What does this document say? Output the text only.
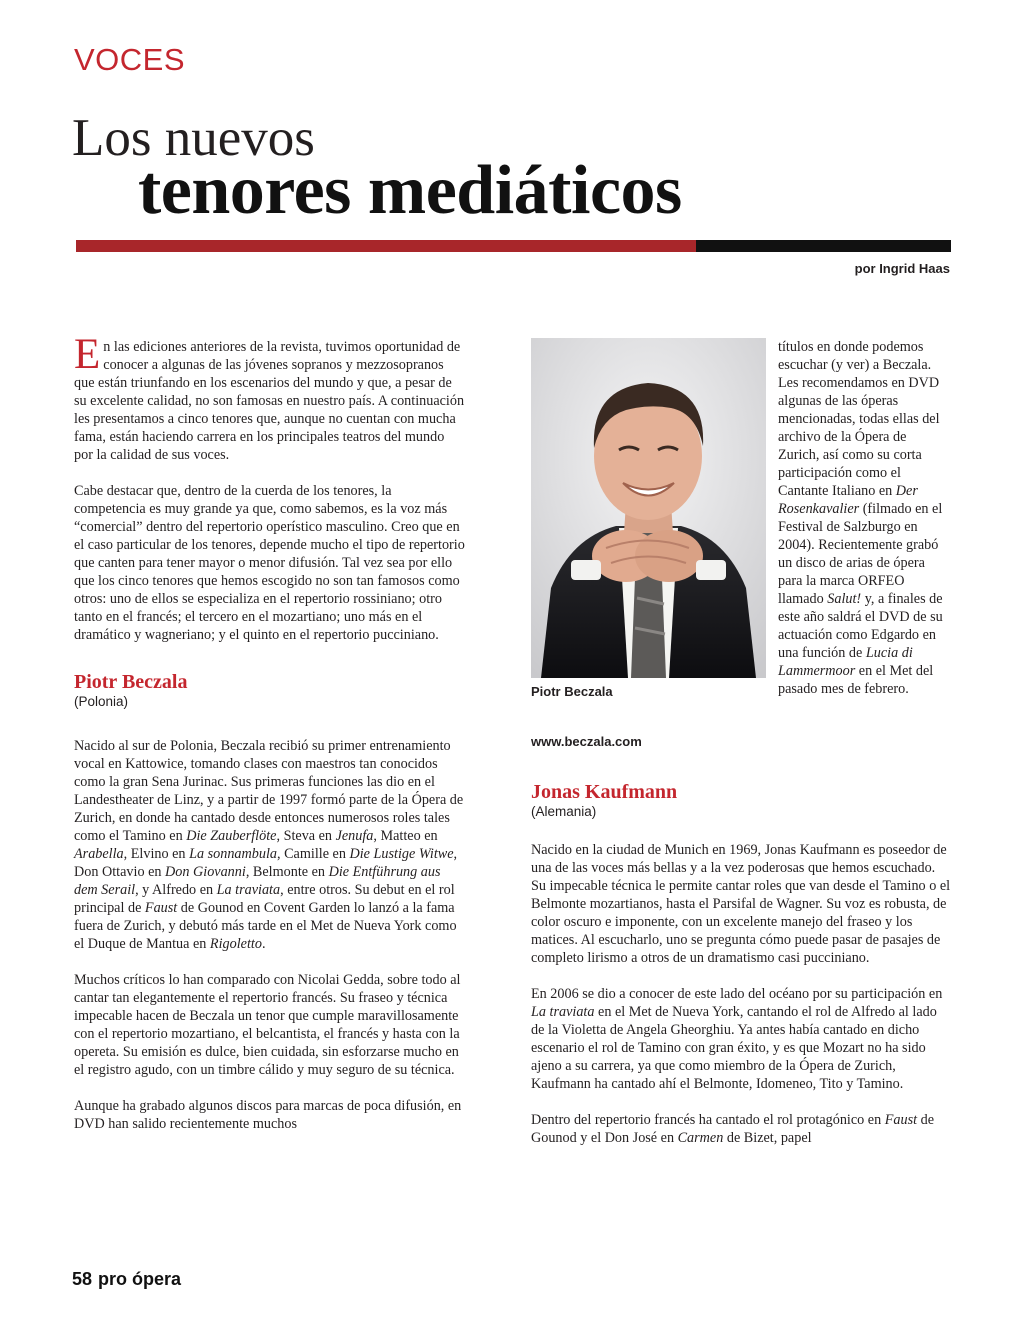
VOCES
Los nuevos
tenores mediáticos
por Ingrid Haas

En las ediciones anteriores de la revista, tuvimos oportunidad de conocer a algunas de las jóvenes sopranos y mezzosopranos que están triunfando en los escenarios del mundo y que, a pesar de su excelente calidad, no son famosas en nuestro país. A continuación les presentamos a cinco tenores que, aunque no cuentan con mucha fama, están haciendo carrera en los principales teatros del mundo por la calidad de sus voces.

Cabe destacar que, dentro de la cuerda de los tenores, la competencia es muy grande ya que, como sabemos, es la voz más “comercial” dentro del repertorio operístico masculino. Creo que en el caso particular de los tenores, depende mucho el tipo de repertorio que canten para tener mayor o menor difusión. Tal vez sea por ello que los cinco tenores que hemos escogido no son tan famosos como otros: uno de ellos se especializa en el repertorio rossiniano; otro tanto en el francés; el tercero en el mozartiano; uno más en el dramático y wagneriano; y el quinto en el repertorio pucciniano.

Piotr Beczala
(Polonia)

Nacido al sur de Polonia, Beczala recibió su primer entrenamiento vocal en Kattowice, tomando clases con maestros tan conocidos como la gran Sena Jurinac. Sus primeras funciones las dio en el Landestheater de Linz, y a partir de 1997 formó parte de la Ópera de Zurich, en donde ha cantado desde entonces numerosos roles tales como el Tamino en Die Zauberflöte, Steva en Jenufa, Matteo en Arabella, Elvino en La sonnambula, Camille en Die Lustige Witwe, Don Ottavio en Don Giovanni, Belmonte en Die Entführung aus dem Serail, y Alfredo en La traviata, entre otros. Su debut en el rol principal de Faust de Gounod en Covent Garden lo lanzó a la fama fuera de Zurich, y debutó más tarde en el Met de Nueva York como el Duque de Mantua en Rigoletto.

Muchos críticos lo han comparado con Nicolai Gedda, sobre todo al cantar tan elegantemente el repertorio francés. Su fraseo y técnica impecable hacen de Beczala un tenor que cumple maravillosamente con el repertorio mozartiano, el belcantista, el francés y hasta con la opereta. Su emisión es dulce, bien cuidada, sin esforzarse mucho en el registro agudo, con un timbre cálido y muy seguro de su técnica.

Aunque ha grabado algunos discos para marcas de poca difusión, en DVD han salido recientemente muchos

Piotr Beczala

títulos en donde podemos escuchar (y ver) a Beczala. Les recomendamos en DVD algunas de las óperas mencionadas, todas ellas del archivo de la Ópera de Zurich, así como su corta participación como el Cantante Italiano en Der Rosenkavalier (filmado en el Festival de Salzburgo en 2004). Recientemente grabó un disco de arias de ópera para la marca ORFEO llamado Salut! y, a finales de este año saldrá el DVD de su actuación como Edgardo en una función de Lucia di Lammermoor en el Met del pasado mes de febrero.

www.beczala.com
Jonas Kaufmann
(Alemania)

Nacido en la ciudad de Munich en 1969, Jonas Kaufmann es poseedor de una de las voces más bellas y a la vez poderosas que hemos escuchado. Su impecable técnica le permite cantar roles que van desde el Tamino o el Belmonte mozartianos, hasta el Parsifal de Wagner. Su voz es robusta, de color oscuro e imponente, con un excelente manejo del fraseo y los matices. Al escucharlo, uno se pregunta cómo puede pasar de pasajes de completo lirismo a otros de un dramatismo casi pucciniano.

En 2006 se dio a conocer de este lado del océano por su participación en La traviata en el Met de Nueva York, cantando el rol de Alfredo al lado de la Violetta de Angela Gheorghiu. Ya antes había cantado en dicho escenario el rol de Tamino con gran éxito, y es que Mozart no ha sido ajeno a su carrera, ya que como miembro de la Ópera de Zurich, Kaufmann ha cantado ahí el Belmonte, Idomeneo, Tito y Tamino.

Dentro del repertorio francés ha cantado el rol protagónico en Faust de Gounod y el Don José en Carmen de Bizet, papel

58 pro ópera
